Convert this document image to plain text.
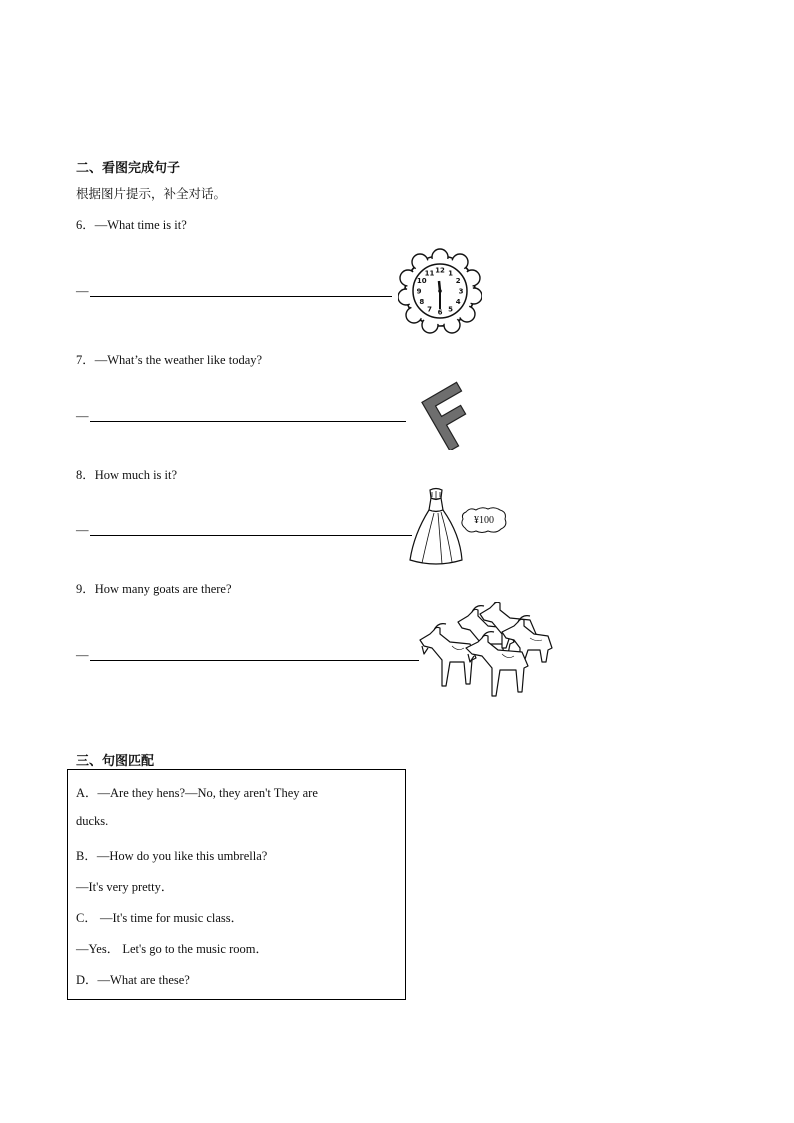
二、看图完成句子
根据图片提示，补全对话。
6．—What time is it?
—
12 1
2
3
4
5
6
7
8
9
10
11
7．—What’s the weather like today?
—
8．How much is it?
—
¥100
9．How many goats are there?
—
三、句图匹配
A．—Are they hens?—No, they aren't They are
ducks.
B．—How do you like this umbrella?
—It's very pretty．
C． —It's time for music class．
—Yes． Let's go to the music room．
D．—What are these?
